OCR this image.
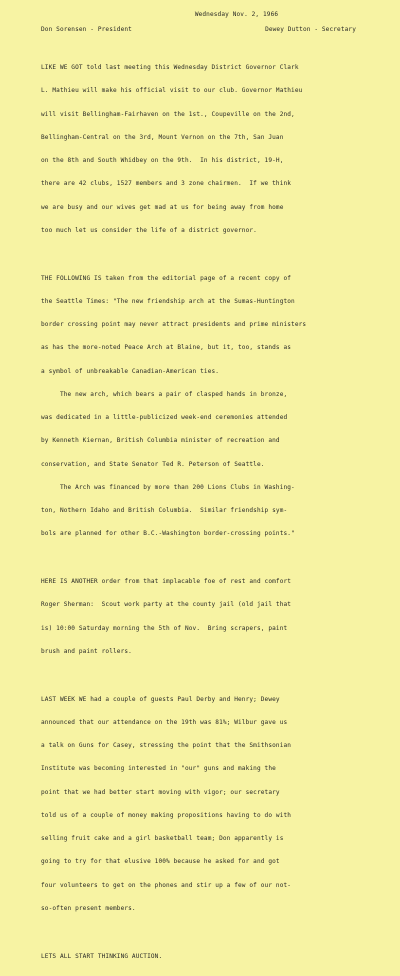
Wednesday Nov. 2, 1966
Don Sorensen - President	Dewey Dutton - Secretary

LIKE WE GOT told last meeting this Wednesday District Governor Clark

L. Mathieu will make his official visit to our club. Governor Mathieu

will visit Bellingham-Fairhaven on the 1st., Coupeville on the 2nd,

Bellingham-Central on the 3rd, Mount Vernon on the 7th, San Juan

on the 8th and South Whidbey on the 9th.  In his district, 19-H,

there are 42 clubs, 1527 members and 3 zone chairmen.  If we think

we are busy and our wives get mad at us for being away from home

too much let us consider the life of a district governor.

THE FOLLOWING IS taken from the editorial page of a recent copy of

the Seattle Times: "The new friendship arch at the Sumas-Huntington

border crossing point may never attract presidents and prime ministers

as has the more-noted Peace Arch at Blaine, but it, too, stands as

a symbol of unbreakable Canadian-American ties.

The new arch, which bears a pair of clasped hands in bronze,

was dedicated in a little-publicized week-end ceremonies attended

by Kenneth Kiernan, British Columbia minister of recreation and

conservation, and State Senator Ted R. Peterson of Seattle.

The Arch was financed by more than 200 Lions Clubs in Washing-

ton, Nothern Idaho and British Columbia.  Similar friendship sym-

bols are planned for other B.C.-Washington border-crossing points."

HERE IS ANOTHER order from that implacable foe of rest and comfort

Roger Sherman:  Scout work party at the county jail (old jail that

is) 10:00 Saturday morning the 5th of Nov.  Bring scrapers, paint

brush and paint rollers.

LAST WEEK WE had a couple of guests Paul Derby and Henry; Dewey

announced that our attendance on the 19th was 81%; Wilbur gave us

a talk on Guns for Casey, stressing the point that the Smithsonian

Institute was becoming interested in "our" guns and making the

point that we had better start moving with vigor; our secretary

told us of a couple of money making propositions having to do with

selling fruit cake and a girl basketball team; Don apparently is

going to try for that elusive 100% because he asked for and got

four volunteers to get on the phones and stir up a few of our not-

so-often present members.

LETS ALL START THINKING AUCTION.
